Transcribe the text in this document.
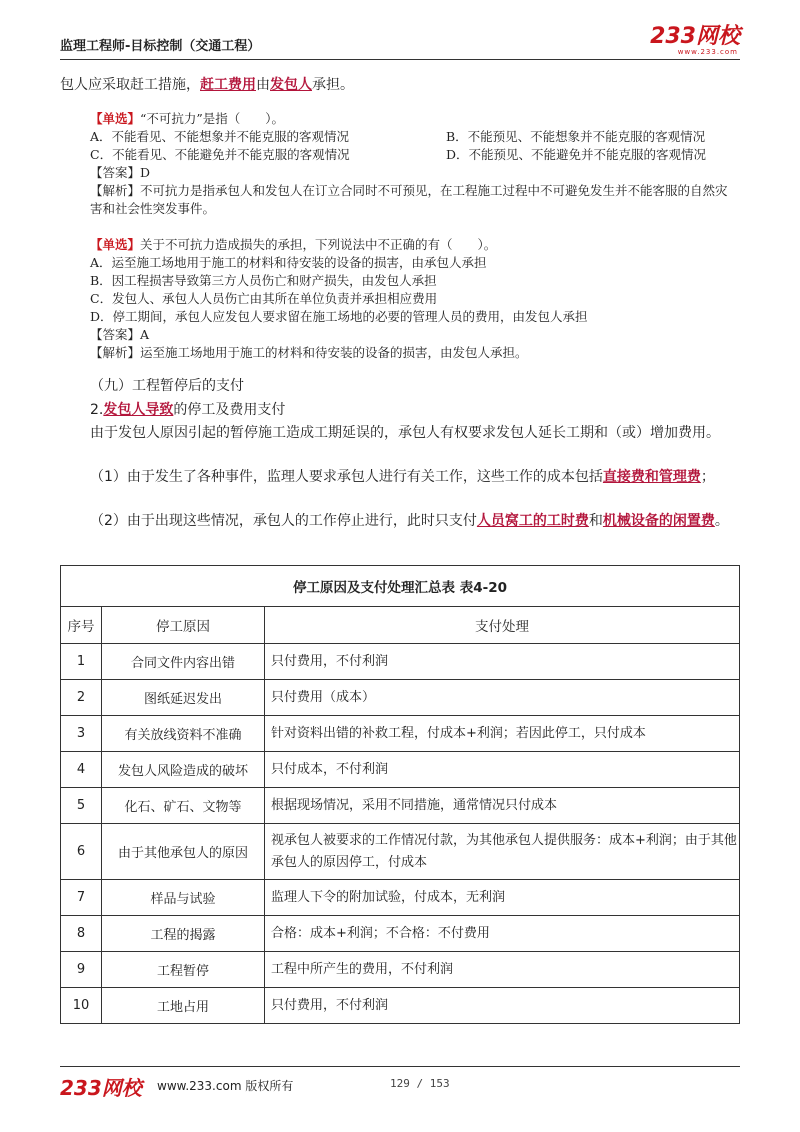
监理工程师-目标控制（交通工程）	233网校
www.233.com
包人应采取赶工措施，赶工费用由发包人承担。
【单选】“不可抗力”是指（　　）。
A．不能看见、不能想象并不能克服的客观情况	B．不能预见、不能想象并不能克服的客观情况
C．不能看见、不能避免并不能克服的客观情况	D．不能预见、不能避免并不能克服的客观情况
【答案】D
【解析】不可抗力是指承包人和发包人在订立合同时不可预见，在工程施工过程中不可避免发生并不能客服的自然灾害和社会性突发事件。
【单选】关于不可抗力造成损失的承担，下列说法中不正确的有（　　）。
A．运至施工场地用于施工的材料和待安装的设备的损害，由承包人承担
B．因工程损害导致第三方人员伤亡和财产损失，由发包人承担
C．发包人、承包人人员伤亡由其所在单位负责并承担相应费用
D．停工期间，承包人应发包人要求留在施工场地的必要的管理人员的费用，由发包人承担
【答案】A
【解析】运至施工场地用于施工的材料和待安装的设备的损害，由发包人承担。
（九）工程暂停后的支付
2.发包人导致的停工及费用支付
由于发包人原因引起的暂停施工造成工期延误的，承包人有权要求发包人延长工期和（或）增加费用。
（1）由于发生了各种事件，监理人要求承包人进行有关工作，这些工作的成本包括直接费和管理费；
（2）由于出现这些情况，承包人的工作停止进行，此时只支付人员窝工的工时费和机械设备的闲置费。
停工原因及支付处理汇总表 表4-20		
序号	停工原因	支付处理
1	合同文件内容出错	只付费用，不付利润
2	图纸延迟发出	只付费用（成本）
3	有关放线资料不准确	针对资料出错的补救工程，付成本+利润；若因此停工，只付成本
4	发包人风险造成的破坏	只付成本，不付利润
5	化石、矿石、文物等	根据现场情况，采用不同措施，通常情况只付成本
6	由于其他承包人的原因	视承包人被要求的工作情况付款，为其他承包人提供服务：成本+利润；由于其他承包人的原因停工，付成本
7	样品与试验	监理人下令的附加试验，付成本，无利润
8	工程的揭露	合格：成本+利润；不合格：不付费用
9	工程暂停	工程中所产生的费用，不付利润
10	工地占用	只付费用，不付利润
233网校 www.233.com 版权所有	129 / 153
